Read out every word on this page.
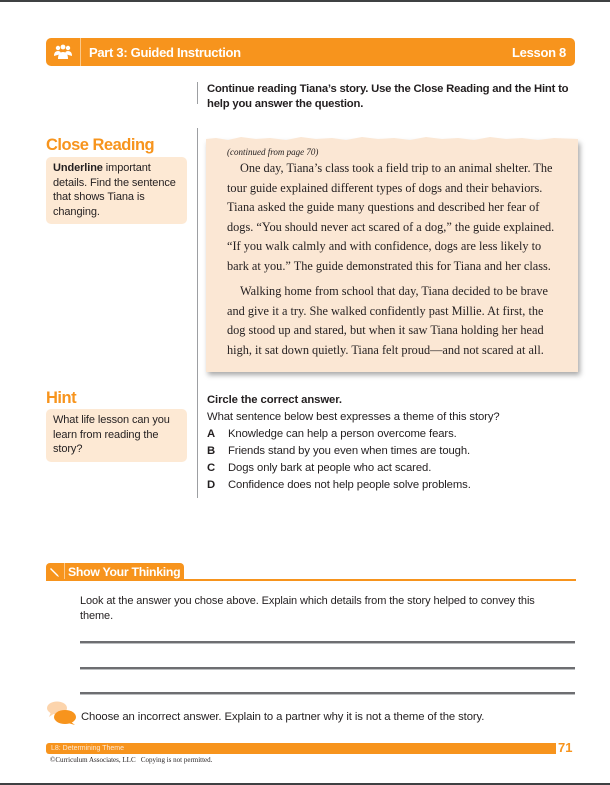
Part 3: Guided Instruction	Lesson 8
Continue reading Tiana’s story. Use the Close Reading and the Hint to help you answer the question.
Close Reading
Underline important details. Find the sentence that shows Tiana is changing.
(continued from page 70)

One day, Tiana’s class took a field trip to an animal shelter. The tour guide explained different types of dogs and their behaviors. Tiana asked the guide many questions and described her fear of dogs. “You should never act scared of a dog,” the guide explained. “If you walk calmly and with confidence, dogs are less likely to bark at you.” The guide demonstrated this for Tiana and her class.

Walking home from school that day, Tiana decided to be brave and give it a try. She walked confidently past Millie. At first, the dog stood up and stared, but when it saw Tiana holding her head high, it sat down quietly. Tiana felt proud—and not scared at all.

Hint
What life lesson can you learn from reading the story?
Circle the correct answer.
What sentence below best expresses a theme of this story?
A	Knowledge can help a person overcome fears.
B	Friends stand by you even when times are tough.
C	Dogs only bark at people who act scared.
D	Confidence does not help people solve problems.
Show Your Thinking
Look at the answer you chose above. Explain which details from the story helped to convey this theme.
Choose an incorrect answer. Explain to a partner why it is not a theme of the story.
L8: Determining Theme	71
©Curriculum Associates, LLC   Copying is not permitted.
